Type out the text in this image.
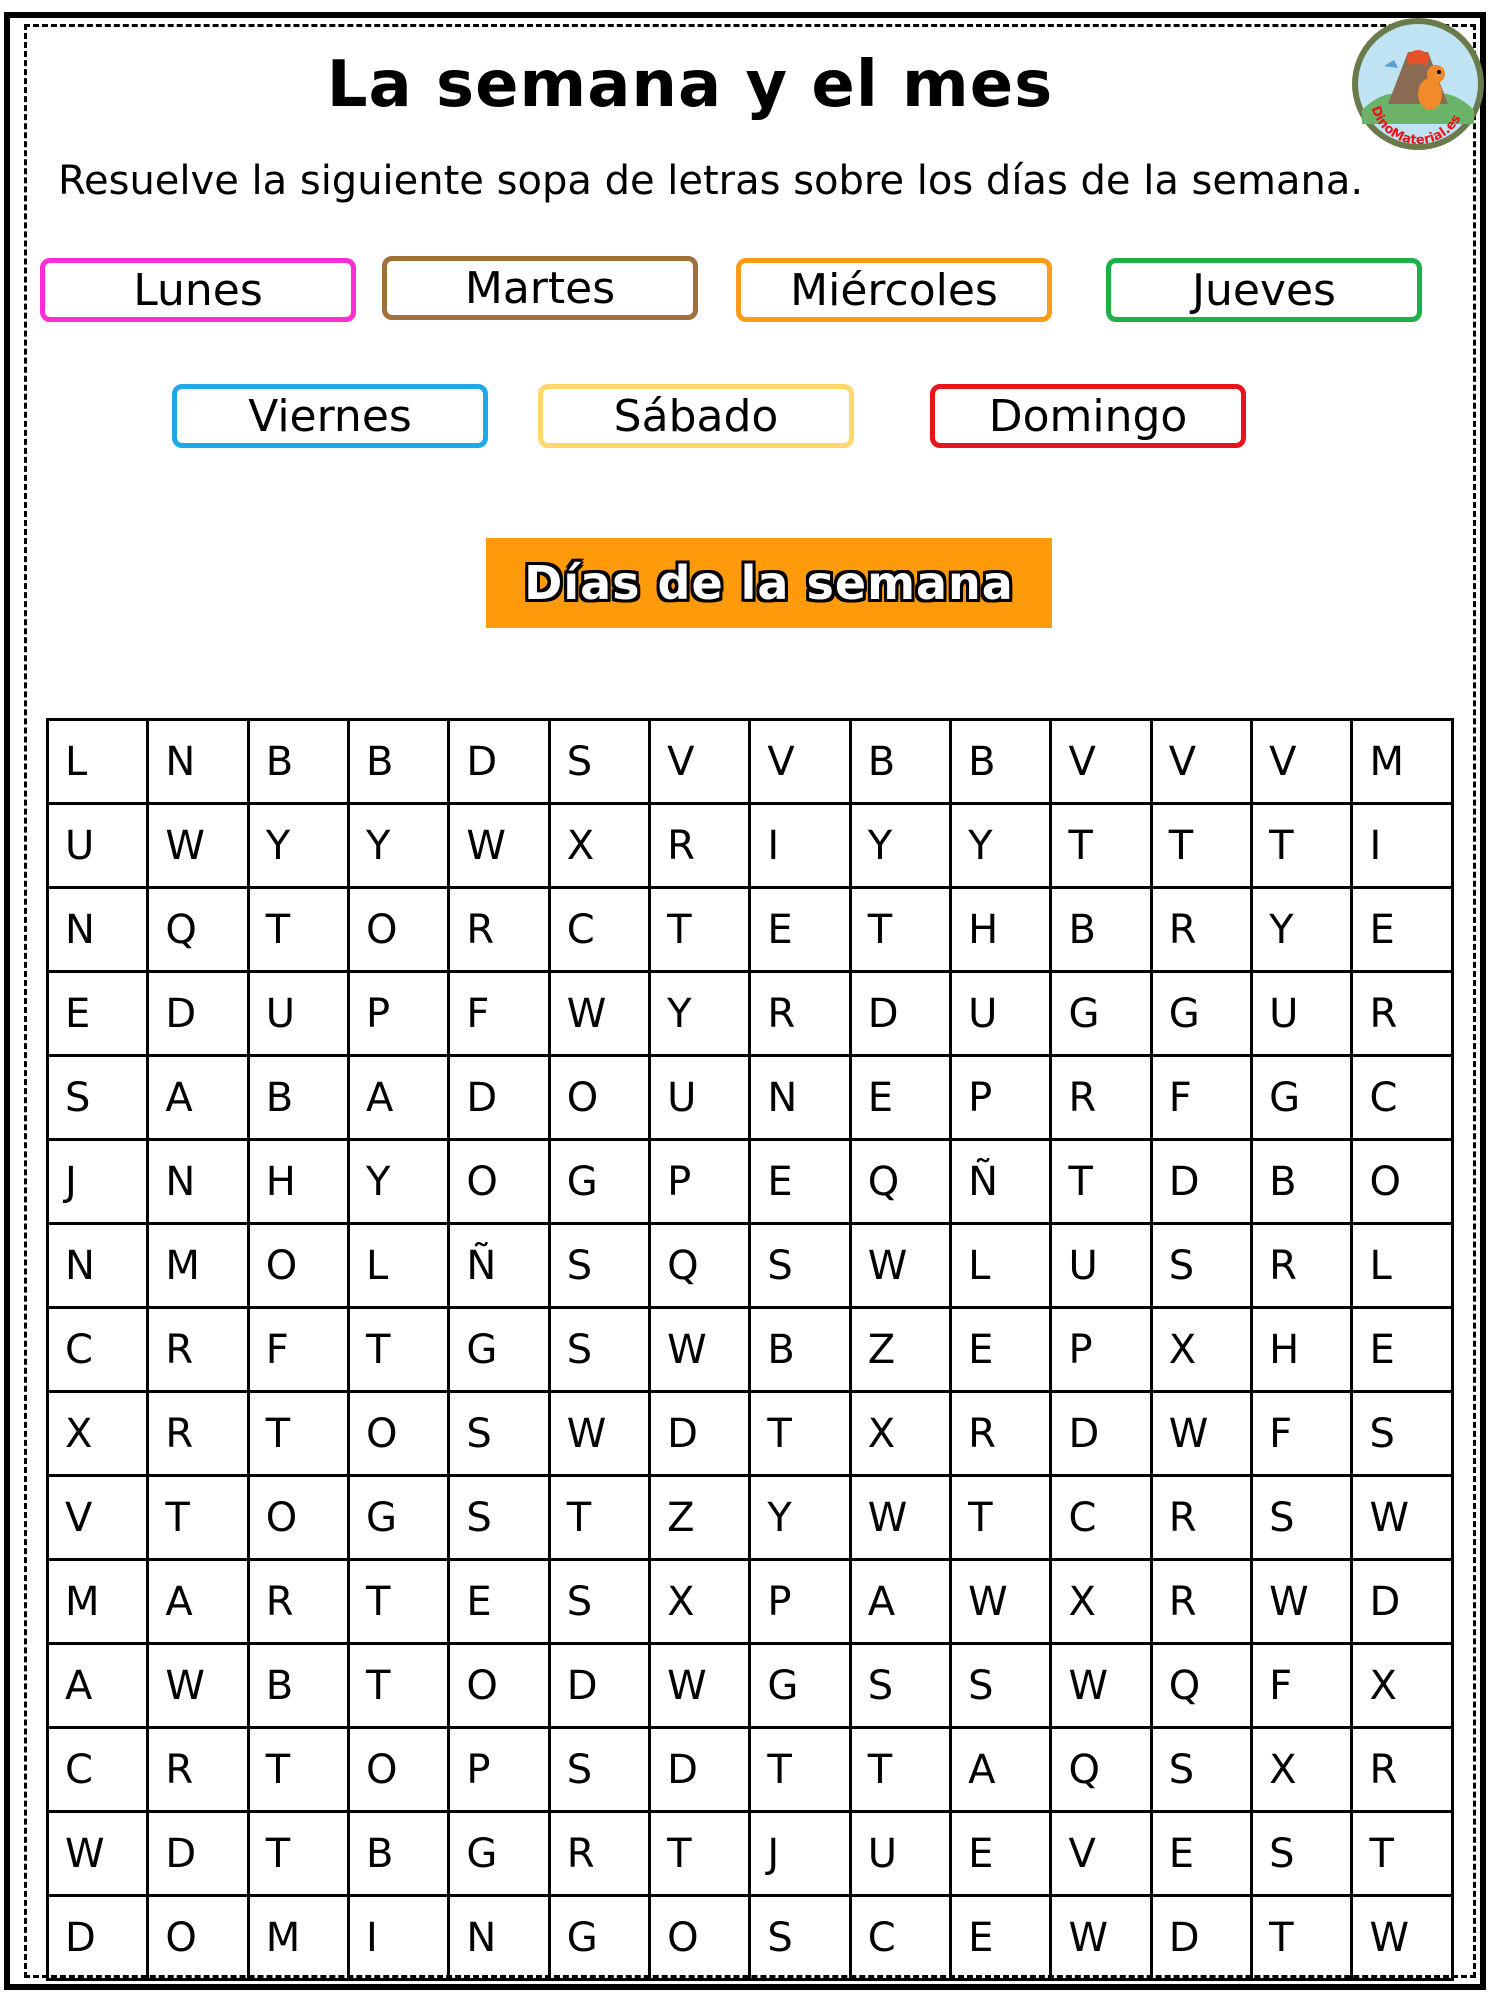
La semana y el mes

Resuelve la siguiente sopa de letras sobre los días de la semana.

DinoMaterial.es
Lunes	Martes	Miércoles	Jueves
Viernes	Sábado	Domingo
Días de la semana
L	N	B	B	D	S	V	V	B	B	V	V	V	M
U	W	Y	Y	W	X	R	I	Y	Y	T	T	T	I
N	Q	T	O	R	C	T	E	T	H	B	R	Y	E
E	D	U	P	F	W	Y	R	D	U	G	G	U	R
S	A	B	A	D	O	U	N	E	P	R	F	G	C
J	N	H	Y	O	G	P	E	Q	Ñ	T	D	B	O
N	M	O	L	Ñ	S	Q	S	W	L	U	S	R	L
C	R	F	T	G	S	W	B	Z	E	P	X	H	E
X	R	T	O	S	W	D	T	X	R	D	W	F	S
V	T	O	G	S	T	Z	Y	W	T	C	R	S	W
M	A	R	T	E	S	X	P	A	W	X	R	W	D
A	W	B	T	O	D	W	G	S	S	W	Q	F	X
C	R	T	O	P	S	D	T	T	A	Q	S	X	R
W	D	T	B	G	R	T	J	U	E	V	E	S	T
D	O	M	I	N	G	O	S	C	E	W	D	T	W
